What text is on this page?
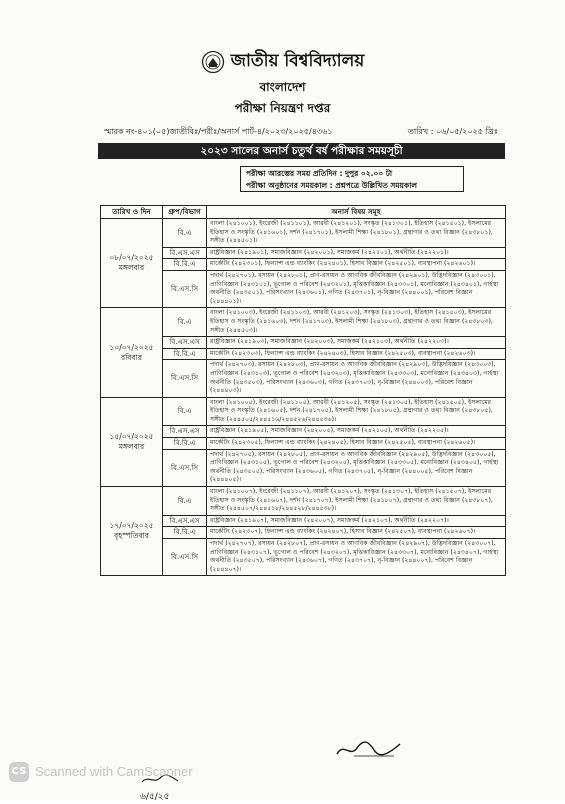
জাতীয় বিশ্ববিদ্যালয়
বাংলাদেশ
পরীক্ষা নিয়ন্ত্রণ দপ্তর
স্মারক নং-৪০১(০৫)জাতীবিঃ/পরীঃ/অনার্স পার্ট-৪/২০২৩/২০২৫/৪৩৬১	তারিখ : ০৬/০৫/২০২৫ খ্রিঃ
২০২৩ সালের অনার্স চতুর্থ বর্ষ পরীক্ষার সময়সূচী
পরীক্ষা আরম্ভের সময় প্রতিদিন : দুপুর ০২.০০ টা
পরীক্ষা অনুষ্ঠানের সময়কাল : প্রশ্নপত্রে উল্লিখিত সময়কাল
তারিখ ও দিন	গ্রুপ/বিভাগ	অনার্স বিষয় সমূহ

০৮/০৭/২০২৫
মঙ্গলবার	বি.এ	বাংলা (২৪১০০১), ইংরেজী (২৪১১০১), আরবী (২৪১২০১), সংস্কৃত (২৪১৩০১), ইতিহাস (২৪১৫০১), ইসলামের ইতিহাস ও সংস্কৃতি (২৪১৬০১), দর্শন (২৪১৭০১), ইসলামী শিক্ষা (২৪১৮০১), গ্রন্থাগার ও তথ্য বিজ্ঞান (২৪৩৮০১), সঙ্গীত (২৪৪৫০১)।
	বি.এস.এস	রাষ্ট্রবিজ্ঞান (২৪১৯০১), সমাজবিজ্ঞান (২৪২০০১), সমাজকর্ম (২৪২১০১), অর্থনীতি (২৪২২০১)।
	বি.বি.এ	মার্কেটিং (২৪২৩০১), ফিন্যান্স এন্ড ব্যাংকিং (২৪২৪০১), হিসাব বিজ্ঞান (২৪২৫০১), ব্যবস্থাপনা (২৪২৬০১)।
	বি.এস.সি	পদার্থ (২৪২৭০১), রসায়ন (২৪২৮০১), প্রাণ-রসায়ন ও আণবিক জীববিজ্ঞান (২৪২৯০১), উদ্ভিদবিজ্ঞান (২৪৩০০১), প্রাণিবিজ্ঞান (২৪৩১০১), ভূগোল ও পরিবেশ (২৪৩২০১), মৃত্তিকাবিজ্ঞান (২৪৩৩০১), মনোবিজ্ঞান (২৪৩৪০১), গার্হস্থ্য অর্থনীতি (২৪৩৫০১), পরিসংখ্যান (২৪৩৬০১), গণিত (২৪৩৭০১), নৃ-বিজ্ঞান (২৪৪০০১), পরিবেশ বিজ্ঞান (২৪৪৪০১)।

১০/০৭/২০২৫
রবিবার	বি.এ	বাংলা (২৪১০০৩), ইংরেজী (২৪১১০৩), আরবী (২৪১২০৩), সংস্কৃত (২৪১৩০৩), ইতিহাস (২৪১৫০৩), ইসলামের ইতিহাস ও সংস্কৃতি (২৪১৬০৩), দর্শন (২৪১৭০৩), ইসলামী শিক্ষা (২৪১৮০৩), গ্রন্থাগার ও তথ্য বিজ্ঞান (২৪৩৮০৩), সঙ্গীত (২৪৪৫০৩)।
	বি.এস.এস	রাষ্ট্রবিজ্ঞান (২৪১৯০৩), সমাজবিজ্ঞান (২৪২০০৩), সমাজকর্ম (২৪২১০৩), অর্থনীতি (২৪২২০৩)।
	বি.বি.এ	মার্কেটিং (২৪২৩০৩), ফিন্যান্স এন্ড ব্যাংকিং (২৪২৪০৩), হিসাব বিজ্ঞান (২৪২৫০৩), ব্যবস্থাপনা (২৪২৬০৩)।
	বি.এস.সি	পদার্থ (২৪২৭০৩), রসায়ন (২৪২৮০৩), প্রাণ-রসায়ন ও আণবিক জীববিজ্ঞান (২৪২৯০৩), উদ্ভিদবিজ্ঞান (২৪৩০০৩), প্রাণিবিজ্ঞান (২৪৩১০৩), ভূগোল ও পরিবেশ (২৪৩২০৩), মৃত্তিকাবিজ্ঞান (২৪৩৩০৩), মনোবিজ্ঞান (২৪৩৪০৩), গার্হস্থ্য অর্থনীতি (২৪৩৫০৩), পরিসংখ্যান (২৪৩৬০৩), গণিত (২৪৩৭০৩), নৃ-বিজ্ঞান (২৪৪০০৩), পরিবেশ বিজ্ঞান (২৪৪৪০৩)।

১৫/০৭/২০২৫
মঙ্গলবার	বি.এ	বাংলা (২৪১০০৫), ইংরেজী (২৪১১০৫), আরবী (২৪১২০৫), সংস্কৃত (২৪১৩০৫), ইতিহাস (২৪১৫০৫), ইসলামের ইতিহাস ও সংস্কৃতি (২৪১৬০৫), দর্শন (২৪১৭০৫), ইসলামী শিক্ষা (২৪১৮০৫), গ্রন্থাগার ও তথ্য বিজ্ঞান (২৪৩৮০৫), সঙ্গীত (২৪৪৫০৫/২৪৪৫১৬/২৪৪৫২৬/২৪৪৫৩৬)।
	বি.এস.এস	রাষ্ট্রবিজ্ঞান (২৪১৯০৫), সমাজবিজ্ঞান (২৪২০০৫), সমাজকর্ম (২৪২১০৫), অর্থনীতি (২৪২২০৫)।
	বি.বি.এ	মার্কেটিং (২৪২৩০৫), ফিন্যান্স এন্ড ব্যাংকিং (২৪২৪০৫), হিসাব বিজ্ঞান (২৪২৫০৫), ব্যবস্থাপনা (২৪২৬০৫)।
	বি.এস.সি	পদার্থ (২৪২৭০৫), রসায়ন (২৪২৮০৫), প্রাণ-রসায়ন ও আণবিক জীববিজ্ঞান (২৪২৯০৫), উদ্ভিদবিজ্ঞান (২৪৩০০৫), প্রাণিবিজ্ঞান (২৪৩১০৫), ভূগোল ও পরিবেশ (২৪৩২০৫), মৃত্তিকাবিজ্ঞান (২৪৩৩০৫), মনোবিজ্ঞান (২৪৩৪০৫), গার্হস্থ্য অর্থনীতি (২৪৩৫০৫), পরিসংখ্যান (২৪৩৬০৫), গণিত (২৪৩৭০৫), নৃ-বিজ্ঞান (২৪৪০০৫), পরিবেশ বিজ্ঞান (২৪৪৪০৫)।

১৭/০৭/২০২৫
বৃহস্পতিবার	বি.এ	বাংলা (২৪১০০৭), ইংরেজী (২৪১১০৭), আরবী (২৪১২০৭), সংস্কৃত (২৪১৩০৭), ইতিহাস (২৪১৫০৭), ইসলামের ইতিহাস ও সংস্কৃতি (২৪১৬০৭), দর্শন (২৪১৭০৭), ইসলামী শিক্ষা (২৪১৮০৭), গ্রন্থাগার ও তথ্য বিজ্ঞান (২৪৩৮০৭), সঙ্গীত (২৪৪৫০৭/২৪৪৫১৮/২৪৪৫২৮/২৪৪৫৩৮)।
	বি.এস.এস	রাষ্ট্রবিজ্ঞান (২৪১৯০৭), সমাজবিজ্ঞান (২৪২০০৭), সমাজকর্ম (২৪২১০৭), অর্থনীতি (২৪২২০৭)।
	বি.বি.এ	মার্কেটিং (২৪২৩০৭), ফিন্যান্স এন্ড ব্যাংকিং (২৪২৪০৭), হিসাব বিজ্ঞান (২৪২৫০৭), ব্যবস্থাপনা (২৪২৬০৭)।
	বি.এস.সি	পদার্থ (২৪২৭০৭), রসায়ন (২৪২৮০৭), প্রাণ-রসায়ন ও আণবিক জীববিজ্ঞান (২৪২৯০৭), উদ্ভিদবিজ্ঞান (২৪৩০০৭), প্রাণিবিজ্ঞান (২৪৩১০৭), ভূগোল ও পরিবেশ (২৪৩২০৭), মৃত্তিকাবিজ্ঞান (২৪৩৩০৭), মনোবিজ্ঞান (২৪৩৪০৭), গার্হস্থ্য অর্থনীতি (২৪৩৫০৭), পরিসংখ্যান (২৪৩৬০৭), গণিত (২৪৩৭০৭), নৃ-বিজ্ঞান (২৪৪০০৭), পরিবেশ বিজ্ঞান (২৪৪৪০৭)।
৬/৫/২৫
CS Scanned with CamScanner
